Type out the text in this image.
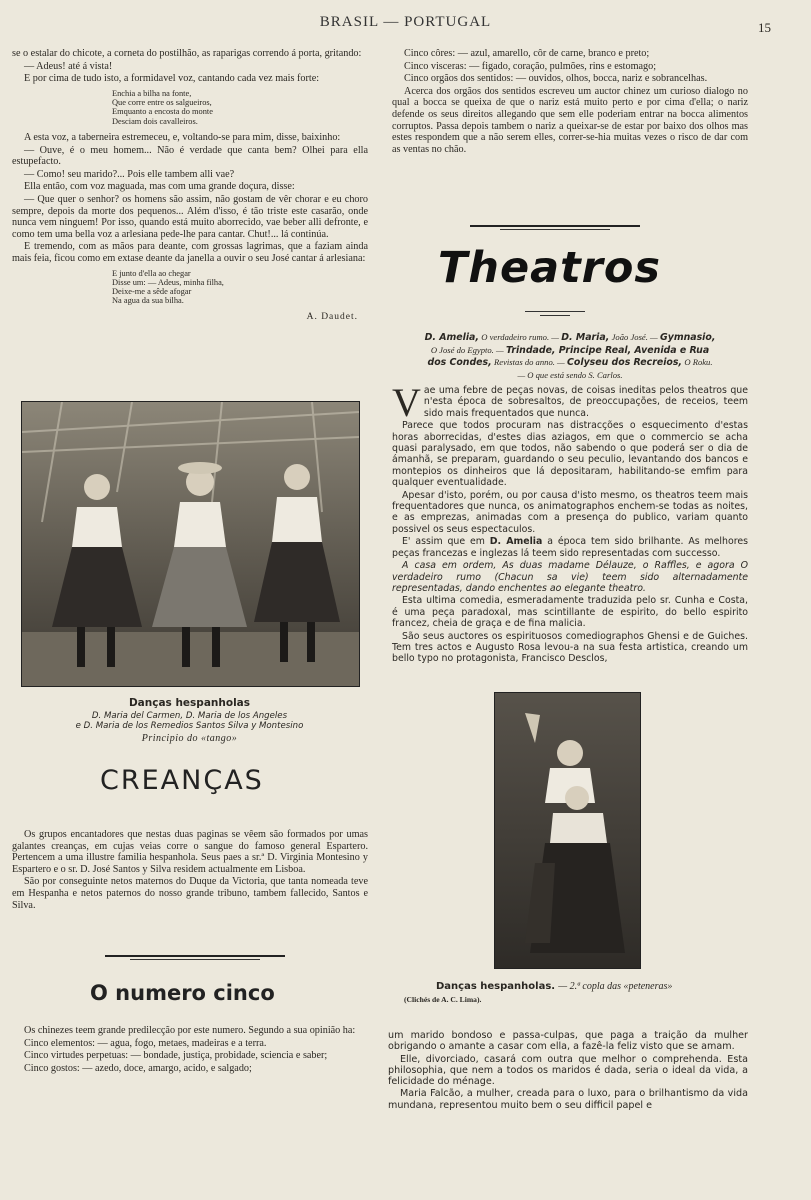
BRASIL — PORTUGAL	15

se o estalar do chicote, a corneta do postilhão, as raparigas correndo á porta, gritando:

— Adeus! até á vista!

E por cima de tudo isto, a formidavel voz, cantando cada vez mais forte:

Enchia a bilha na fonte,
Que corre entre os salgueiros,
Emquanto a encosta do monte
Desciam dois cavalleiros.

A esta voz, a taberneira estremeceu, e, voltando-se para mim, disse, baixinho:

— Ouve, é o meu homem... Não é verdade que canta bem? Olhei para ella estupefacto.

— Como! seu marido?... Pois elle tambem alli vae?

Ella então, com voz maguada, mas com uma grande doçura, disse:

— Que quer o senhor? os homens são assim, não gostam de vêr chorar e eu choro sempre, depois da morte dos pequenos... Além d'isso, é tão triste este casarão, onde nunca vem ninguem! Por isso, quando está muito aborrecido, vae beber alli defronte, e como tem uma bella voz a arlesiana pede-lhe para cantar. Chut!... lá continúa.

E tremendo, com as mãos para deante, com grossas lagrimas, que a faziam ainda mais feia, ficou como em extase deante da janella a ouvir o seu José cantar á arlesiana:

E junto d'ella ao chegar
Disse um: — Adeus, minha filha,
Deixe-me a sêde afogar
Na agua da sua bilha.
A. Daudet.
Danças hespanholas
D. Maria del Carmen, D. Maria de los Angeles
e D. Maria de los Remedios Santos Silva y Montesino
Principio do «tango»
CREANÇAS

Os grupos encantadores que nestas duas paginas se vêem são formados por umas galantes creanças, em cujas veias corre o sangue do famoso general Espartero. Pertencem a uma illustre familia hespanhola. Seus paes a sr.ª D. Virginia Montesino y Espartero e o sr. D. José Santos y Silva residem actualmente em Lisboa.

São por conseguinte netos maternos do Duque da Victoria, que tanta nomeada teve em Hespanha e netos paternos do nosso grande tribuno, tambem fallecido, Santos e Silva.

O numero cinco

Os chinezes teem grande predilecção por este numero. Segundo a sua opinião ha:

Cinco elementos: — agua, fogo, metaes, madeiras e a terra.

Cinco virtudes perpetuas: — bondade, justiça, probidade, sciencia e saber;

Cinco gostos: — azedo, doce, amargo, acido, e salgado;

Cinco côres: — azul, amarello, côr de carne, branco e preto;

Cinco visceras: — figado, coração, pulmões, rins e estomago;

Cinco orgãos dos sentidos: — ouvidos, olhos, bocca, nariz e sobrancelhas.

Acerca dos orgãos dos sentidos escreveu um auctor chinez um curioso dialogo no qual a bocca se queixa de que o nariz está muito perto e por cima d'ella; o nariz defende os seus direitos allegando que sem elle poderiam entrar na bocca alimentos corruptos. Passa depois tambem o nariz a queixar-se de estar por baixo dos olhos mas estes respondem que a não serem elles, correr-se-hia muitas vezes o risco de dar com as ventas no chão.

Theatros
D. Amelia, O verdadeiro rumo. — D. Maria, João José. — Gymnasio,
O José do Egypto. — Trindade, Principe Real, Avenida e Rua
dos Condes, Revistas do anno. — Colyseu dos Recreios, O Roku.
— O que está sendo S. Carlos.

Vae uma febre de peças novas, de coisas ineditas pelos theatros que n'esta época de sobresaltos, de preoccupações, de receios, teem sido mais frequentados que nunca.

Parece que todos procuram nas distracções o esquecimento d'estas horas aborrecidas, d'estes dias aziagos, em que o commercio se acha quasi paralysado, em que todos, não sabendo o que poderá ser o dia de ámanhã, se preparam, guardando o seu peculio, levantando dos bancos e montepios os dinheiros que lá depositaram, habilitando-se emfim para qualquer eventualidade.

Apesar d'isto, porém, ou por causa d'isto mesmo, os theatros teem mais frequentadores que nunca, os animatographos enchem-se todas as noites, e as emprezas, animadas com a presença do publico, variam quanto possivel os seus espectaculos.

E' assim que em D. Amelia a época tem sido brilhante. As melhores peças francezas e inglezas lá teem sido representadas com successo.

A casa em ordem, As duas madame Délauze, o Raffles, e agora O verdadeiro rumo (Chacun sa vie) teem sido alternadamente representadas, dando enchentes ao elegante theatro.

Esta ultima comedia, esmeradamente traduzida pelo sr. Cunha e Costa, é uma peça paradoxal, mas scintillante de espirito, do bello espirito francez, cheia de graça e de fina malicia.

São seus auctores os espirituosos comediographos Ghensi e de Guiches. Tem tres actos e Augusto Rosa levou-a na sua festa artistica, creando um bello typo no protagonista, Francisco Desclos,

Danças hespanholas. — 2.ª copla das «peteneras»
(Clichés de A. C. Lima).

um marido bondoso e passa-culpas, que paga a traição da mulher obrigando o amante a casar com ella, a fazê-la feliz visto que se amam.

Elle, divorciado, casará com outra que melhor o comprehenda. Esta philosophia, que nem a todos os maridos é dada, seria o ideal da vida, a felicidade do ménage.

Maria Falcão, a mulher, creada para o luxo, para o brilhantismo da vida mundana, representou muito bem o seu difficil papel e
